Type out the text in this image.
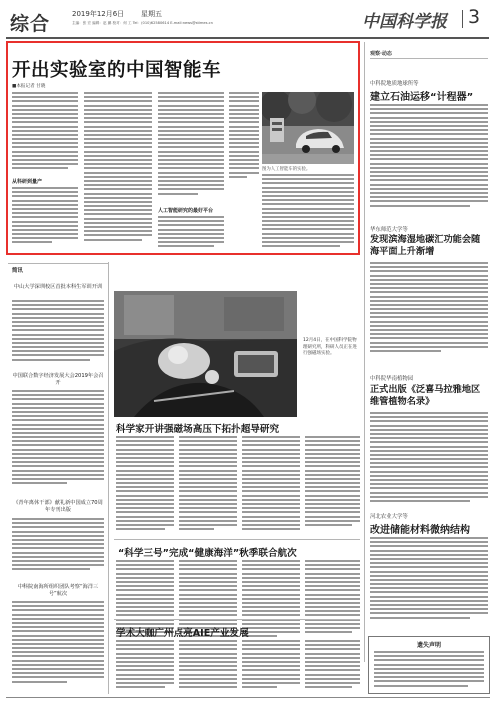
综合	2019年12月6日 星期五
主编：张 宏 编辑：赵 鹏 校对：何 工 Tel：(010)62580614 E-mail:news@stimes.cn	中国科学报 3
开出实验室的中国智能车
■本报记者 甘晓
从科研到量产
人工智能研究的最好平台
图为人工智能车的实验。
观察·动态
中科院地质地球所等
建立石油运移“计程器”
华东师范大学等
发现滨海湿地碳汇功能会随海平面上升渐增
中科院华南植物园
正式出版《泛喜马拉雅地区维管植物名录》
河北农业大学等
改进储能材料微纳结构
遗失声明
简讯
中山大学深圳校区首批本科生军训开训
中国联合数字经济发展大会2019年会召开
《青年离休干部》献礼新中国成立70周年专刊出版
中科院南海所组织团队考察“海洋三号”航次
12月4日，在中国科学院物理研究所，科研人员正在进行强磁场实验。
科学家开讲强磁场高压下拓扑超导研究
“科学三号”完成“健康海洋”秋季联合航次
学术大咖广州点亮AIE产业发展
